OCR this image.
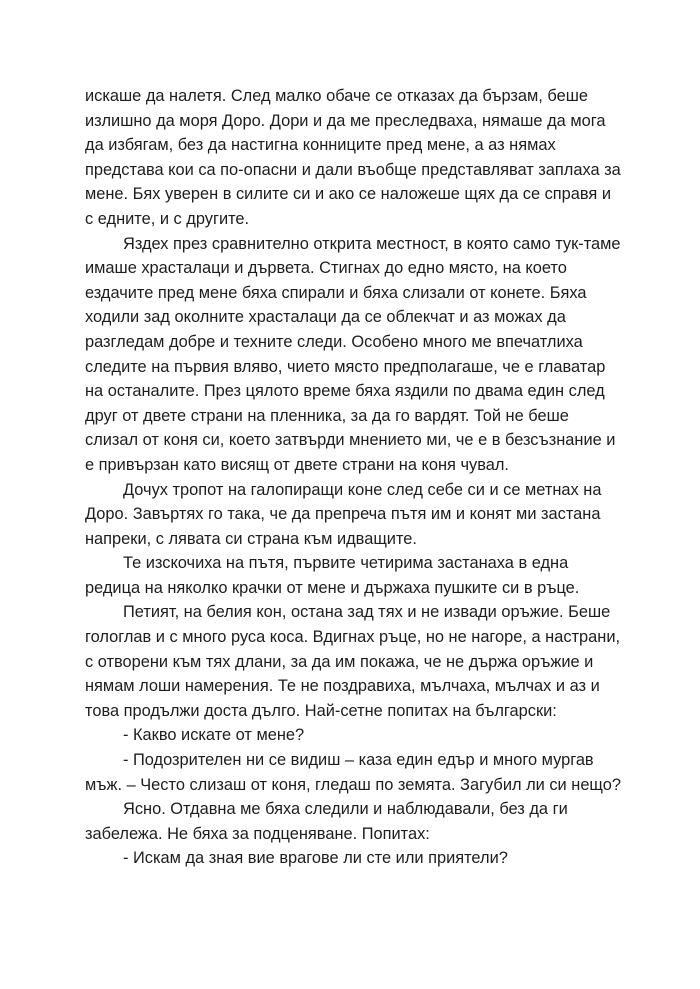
искаше да налетя. След малко обаче се отказах да бързам, беше излишно да моря Доро. Дори и да ме преследваха, нямаше да мога да избягам, без да настигна конниците пред мене, а аз нямах представа кои са по-опасни и дали въобще представляват заплаха за мене. Бях уверен в силите си и ако се наложеше щях да се справя и с едните, и с другите.

Яздех през сравнително открита местност, в която само тук-таме имаше храсталаци и дървета. Стигнах до едно място, на което ездачите пред мене бяха спирали и бяха слизали от конете. Бяха ходили зад околните храсталаци да се облекчат и аз можах да разгледам добре и техните следи. Особено много ме впечатлиха следите на първия вляво, чието място предполагаше, че е главатар на останалите. През цялото време бяха яздили по двама един след друг от двете страни на пленника, за да го вардят. Той не беше слизал от коня си, което затвърди мнението ми, че е в безсъзнание и е привързан като висящ от двете страни на коня чувал.

Дочух тропот на галопиращи коне след себе си и се метнах на Доро. Завъртях го така, че да препреча пътя им и конят ми застана напреки, с лявата си страна към идващите.

Те изскочиха на пътя, първите четирима застанаха в една редица на няколко крачки от мене и държаха пушките си в ръце.

Петият, на белия кон, остана зад тях и не извади оръжие. Беше гологлав и с много руса коса. Вдигнах ръце, но не нагоре, а настрани, с отворени към тях длани, за да им покажа, че не държа оръжие и нямам лоши намерения. Те не поздравиха, мълчаха, мълчах и аз и това продължи доста дълго. Най-сетне попитах на български:

- Какво искате от мене?

- Подозрителен ни се видиш – каза един едър и много мургав мъж. – Често слизаш от коня, гледаш по земята. Загубил ли си нещо?

Ясно. Отдавна ме бяха следили и наблюдавали, без да ги забележа. Не бяха за подценяване. Попитах:

- Искам да зная вие врагове ли сте или приятели?
